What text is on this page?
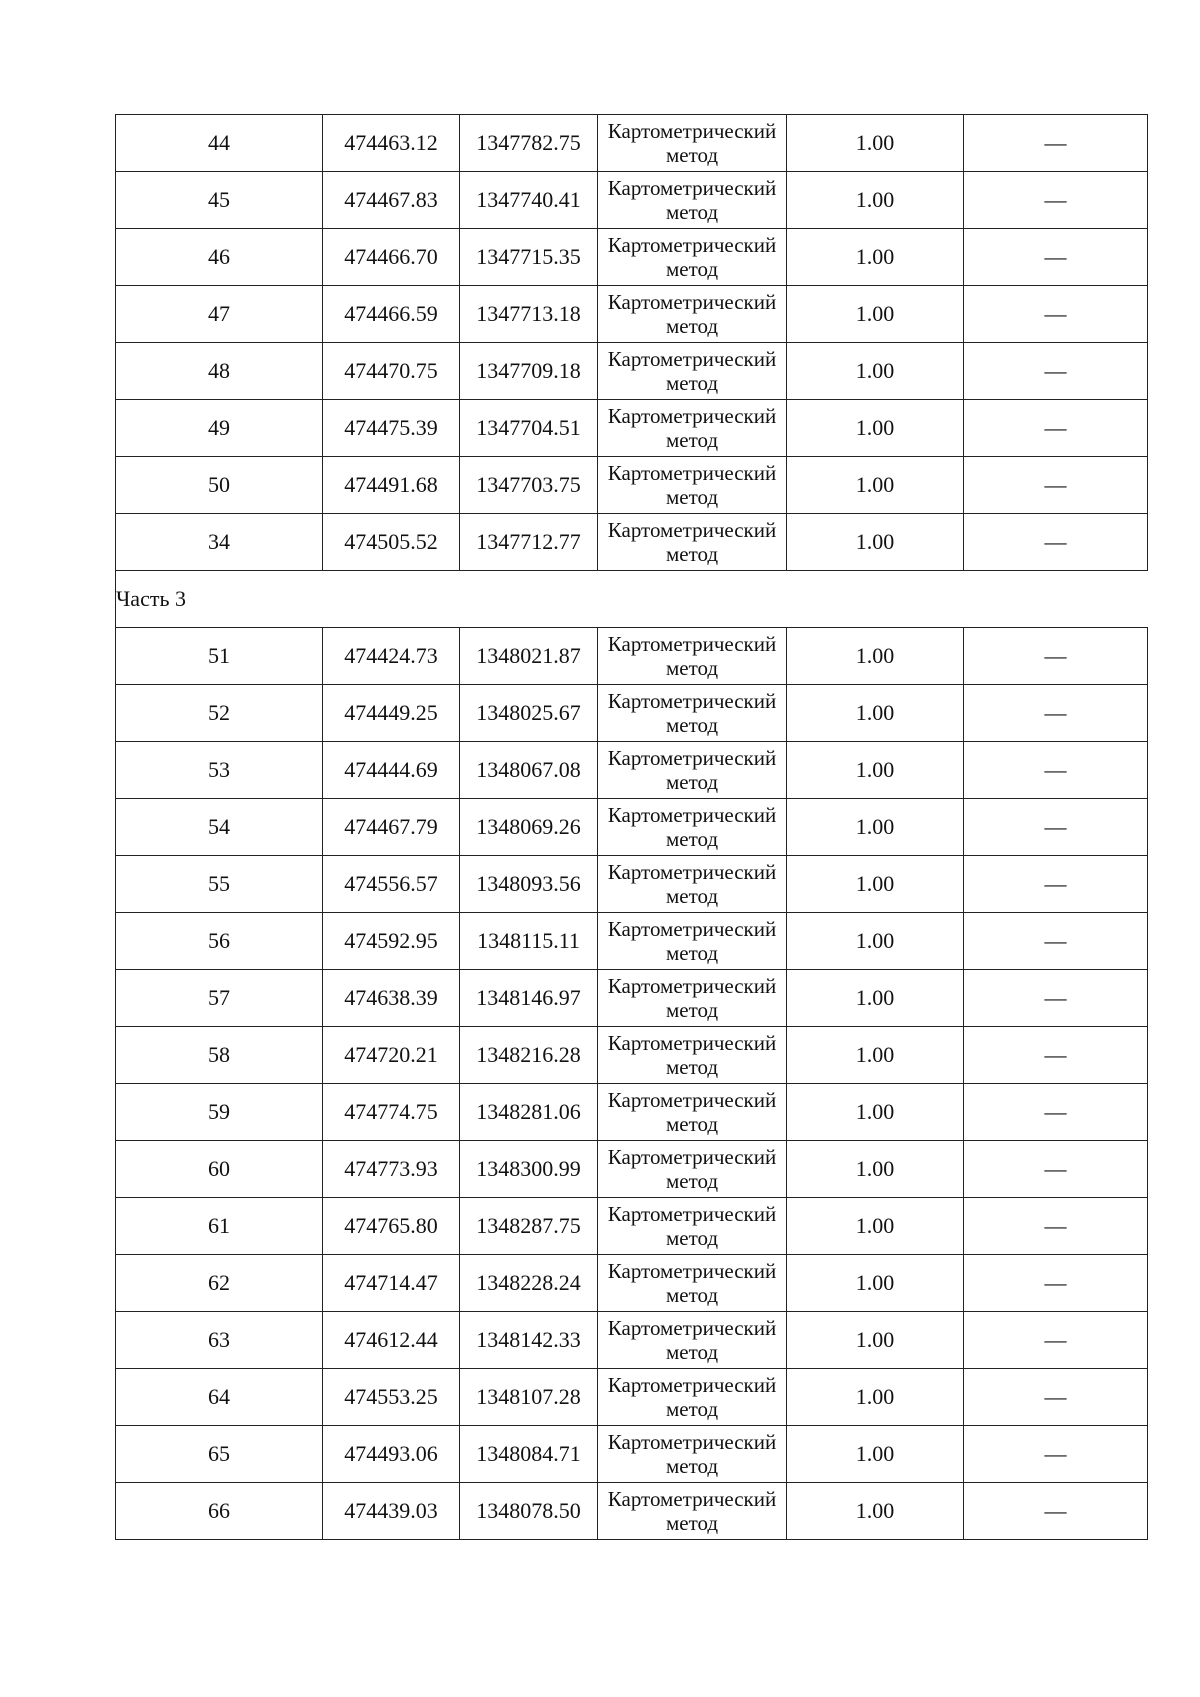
44	474463.12	1347782.75	Картометрический метод	1.00	—
45	474467.83	1347740.41	Картометрический метод	1.00	—
46	474466.70	1347715.35	Картометрический метод	1.00	—
47	474466.59	1347713.18	Картометрический метод	1.00	—
48	474470.75	1347709.18	Картометрический метод	1.00	—
49	474475.39	1347704.51	Картометрический метод	1.00	—
50	474491.68	1347703.75	Картометрический метод	1.00	—
34	474505.52	1347712.77	Картометрический метод	1.00	—
Часть 3					
51	474424.73	1348021.87	Картометрический метод	1.00	—
52	474449.25	1348025.67	Картометрический метод	1.00	—
53	474444.69	1348067.08	Картометрический метод	1.00	—
54	474467.79	1348069.26	Картометрический метод	1.00	—
55	474556.57	1348093.56	Картометрический метод	1.00	—
56	474592.95	1348115.11	Картометрический метод	1.00	—
57	474638.39	1348146.97	Картометрический метод	1.00	—
58	474720.21	1348216.28	Картометрический метод	1.00	—
59	474774.75	1348281.06	Картометрический метод	1.00	—
60	474773.93	1348300.99	Картометрический метод	1.00	—
61	474765.80	1348287.75	Картометрический метод	1.00	—
62	474714.47	1348228.24	Картометрический метод	1.00	—
63	474612.44	1348142.33	Картометрический метод	1.00	—
64	474553.25	1348107.28	Картометрический метод	1.00	—
65	474493.06	1348084.71	Картометрический метод	1.00	—
66	474439.03	1348078.50	Картометрический метод	1.00	—
